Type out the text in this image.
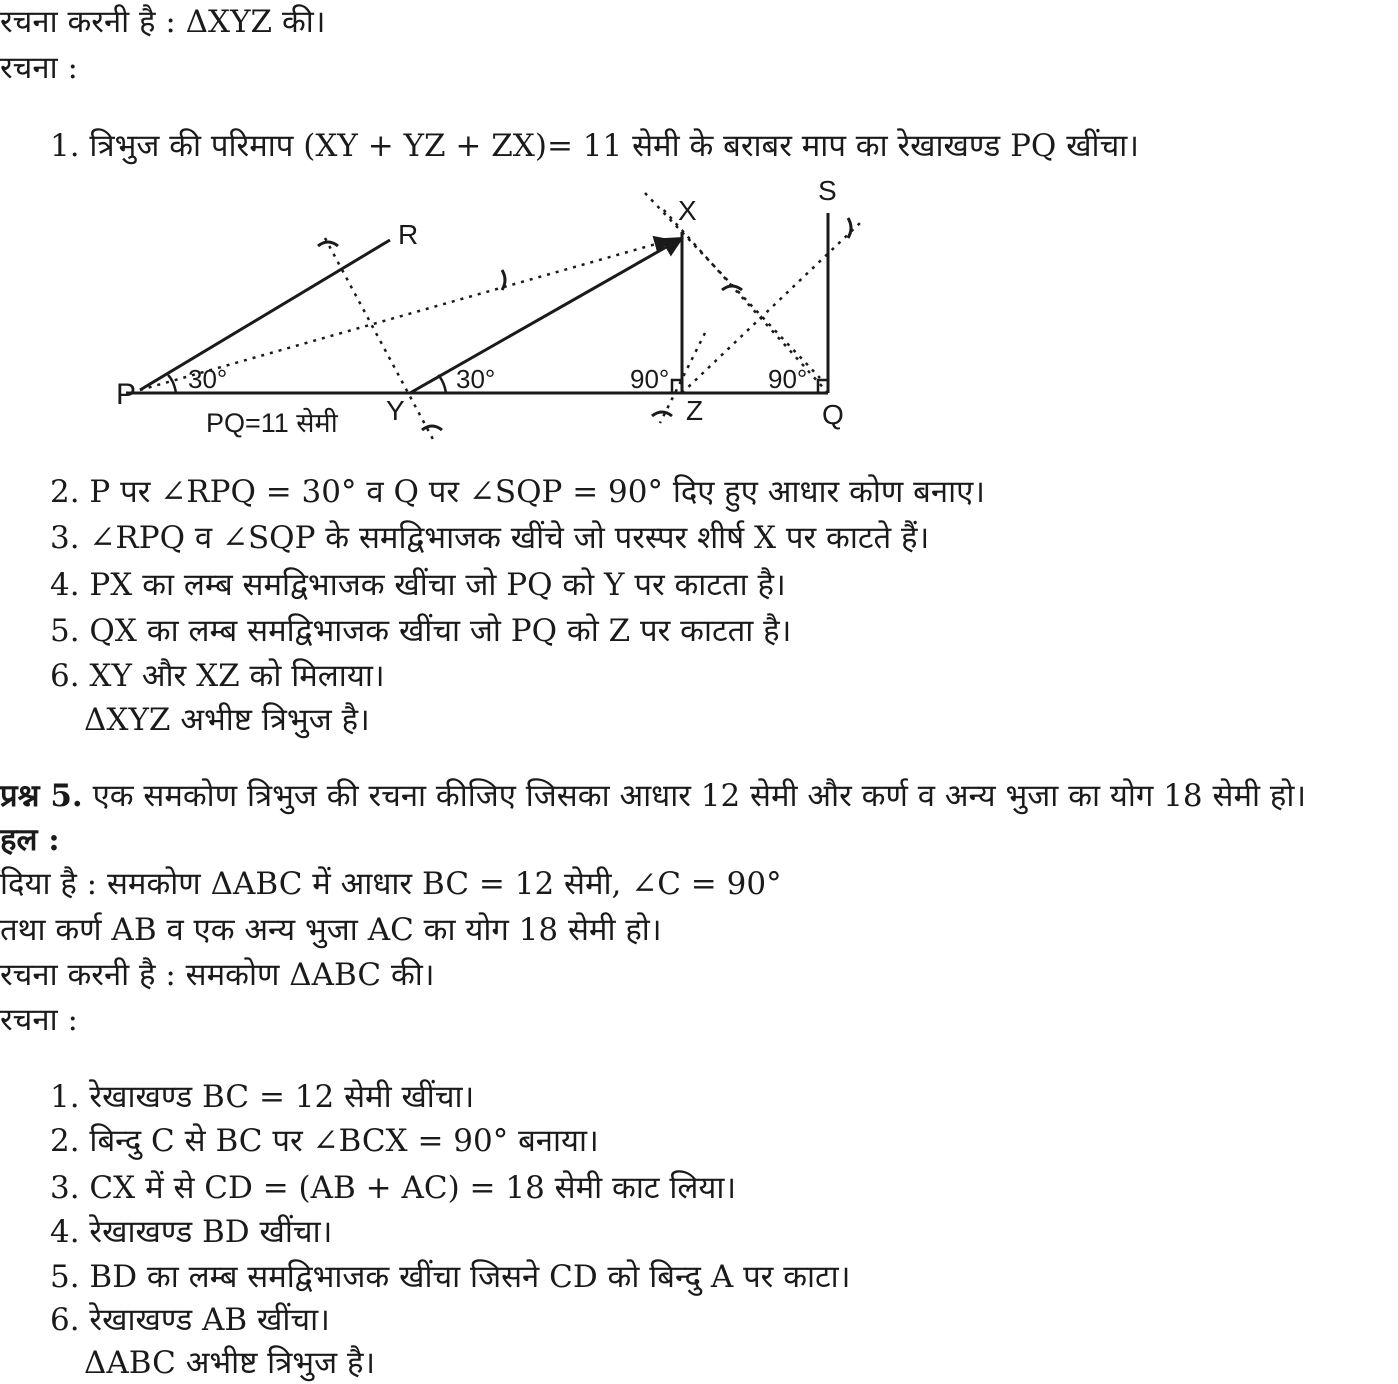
रचना करनी है : ΔXYZ की।
रचना :
1. त्रिभुज की परिमाप (XY + YZ + ZX)= 11 सेमी के बराबर माप का रेखाखण्ड PQ खींचा।
P
Q
R
S
X
Y	Z
30°	30°	90°	90°
PQ=11 सेमी
2. P पर ∠RPQ = 30° व Q पर ∠SQP = 90° दिए हुए आधार कोण बनाए।
3. ∠RPQ व ∠SQP के समद्विभाजक खींचे जो परस्पर शीर्ष X पर काटते हैं।
4. PX का लम्ब समद्विभाजक खींचा जो PQ को Y पर काटता है।
5. QX का लम्ब समद्विभाजक खींचा जो PQ को Z पर काटता है।
6. XY और XZ को मिलाया।
ΔXYZ अभीष्ट त्रिभुज है।
प्रश्न 5. एक समकोण त्रिभुज की रचना कीजिए जिसका आधार 12 सेमी और कर्ण व अन्य भुजा का योग 18 सेमी हो।
हल :
दिया है : समकोण ΔABC में आधार BC = 12 सेमी, ∠C = 90°
तथा कर्ण AB व एक अन्य भुजा AC का योग 18 सेमी हो।
रचना करनी है : समकोण ΔABC की।
रचना :
1. रेखाखण्ड BC = 12 सेमी खींचा।
2. बिन्दु C से BC पर ∠BCX = 90° बनाया।
3. CX में से CD = (AB + AC) = 18 सेमी काट लिया।
4. रेखाखण्ड BD खींचा।
5. BD का लम्ब समद्विभाजक खींचा जिसने CD को बिन्दु A पर काटा।
6. रेखाखण्ड AB खींचा।
ΔABC अभीष्ट त्रिभुज है।
